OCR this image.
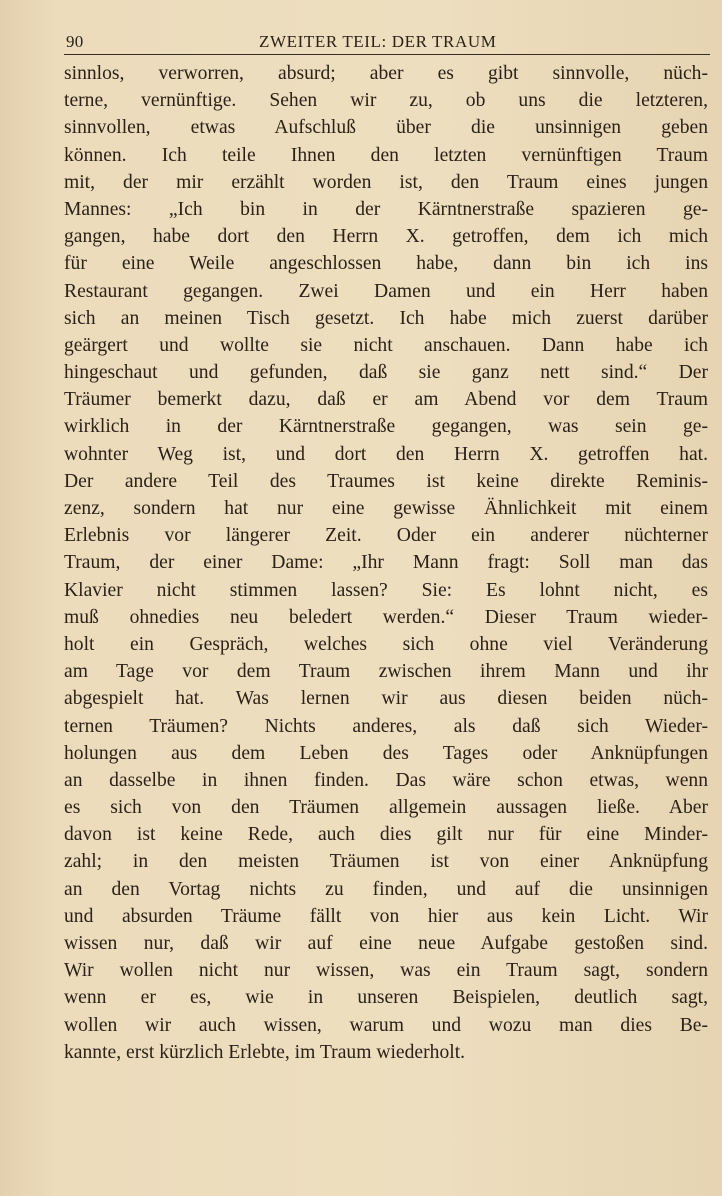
90	ZWEITER TEIL: DER TRAUM
sinnlos, verworren, absurd; aber es gibt sinnvolle, nüch-
terne, vernünftige. Sehen wir zu, ob uns die letzteren,
sinnvollen, etwas Aufschluß über die unsinnigen geben
können. Ich teile Ihnen den letzten vernünftigen Traum
mit, der mir erzählt worden ist, den Traum eines jungen
Mannes: „Ich bin in der Kärntnerstraße spazieren ge-
gangen, habe dort den Herrn X. getroffen, dem ich mich
für eine Weile angeschlossen habe, dann bin ich ins
Restaurant gegangen. Zwei Damen und ein Herr haben
sich an meinen Tisch gesetzt. Ich habe mich zuerst darüber
geärgert und wollte sie nicht anschauen. Dann habe ich
hingeschaut und gefunden, daß sie ganz nett sind.“ Der
Träumer bemerkt dazu, daß er am Abend vor dem Traum
wirklich in der Kärntnerstraße gegangen, was sein ge-
wohnter Weg ist, und dort den Herrn X. getroffen hat.
Der andere Teil des Traumes ist keine direkte Reminis-
zenz, sondern hat nur eine gewisse Ähnlichkeit mit einem
Erlebnis vor längerer Zeit. Oder ein anderer nüchterner
Traum, der einer Dame: „Ihr Mann fragt: Soll man das
Klavier nicht stimmen lassen? Sie: Es lohnt nicht, es
muß ohnedies neu beledert werden.“ Dieser Traum wieder-
holt ein Gespräch, welches sich ohne viel Veränderung
am Tage vor dem Traum zwischen ihrem Mann und ihr
abgespielt hat. Was lernen wir aus diesen beiden nüch-
ternen Träumen? Nichts anderes, als daß sich Wieder-
holungen aus dem Leben des Tages oder Anknüpfungen
an dasselbe in ihnen finden. Das wäre schon etwas, wenn
es sich von den Träumen allgemein aussagen ließe. Aber
davon ist keine Rede, auch dies gilt nur für eine Minder-
zahl; in den meisten Träumen ist von einer Anknüpfung
an den Vortag nichts zu finden, und auf die unsinnigen
und absurden Träume fällt von hier aus kein Licht. Wir
wissen nur, daß wir auf eine neue Aufgabe gestoßen sind.
Wir wollen nicht nur wissen, was ein Traum sagt, sondern
wenn er es, wie in unseren Beispielen, deutlich sagt,
wollen wir auch wissen, warum und wozu man dies Be-
kannte, erst kürzlich Erlebte, im Traum wiederholt.
